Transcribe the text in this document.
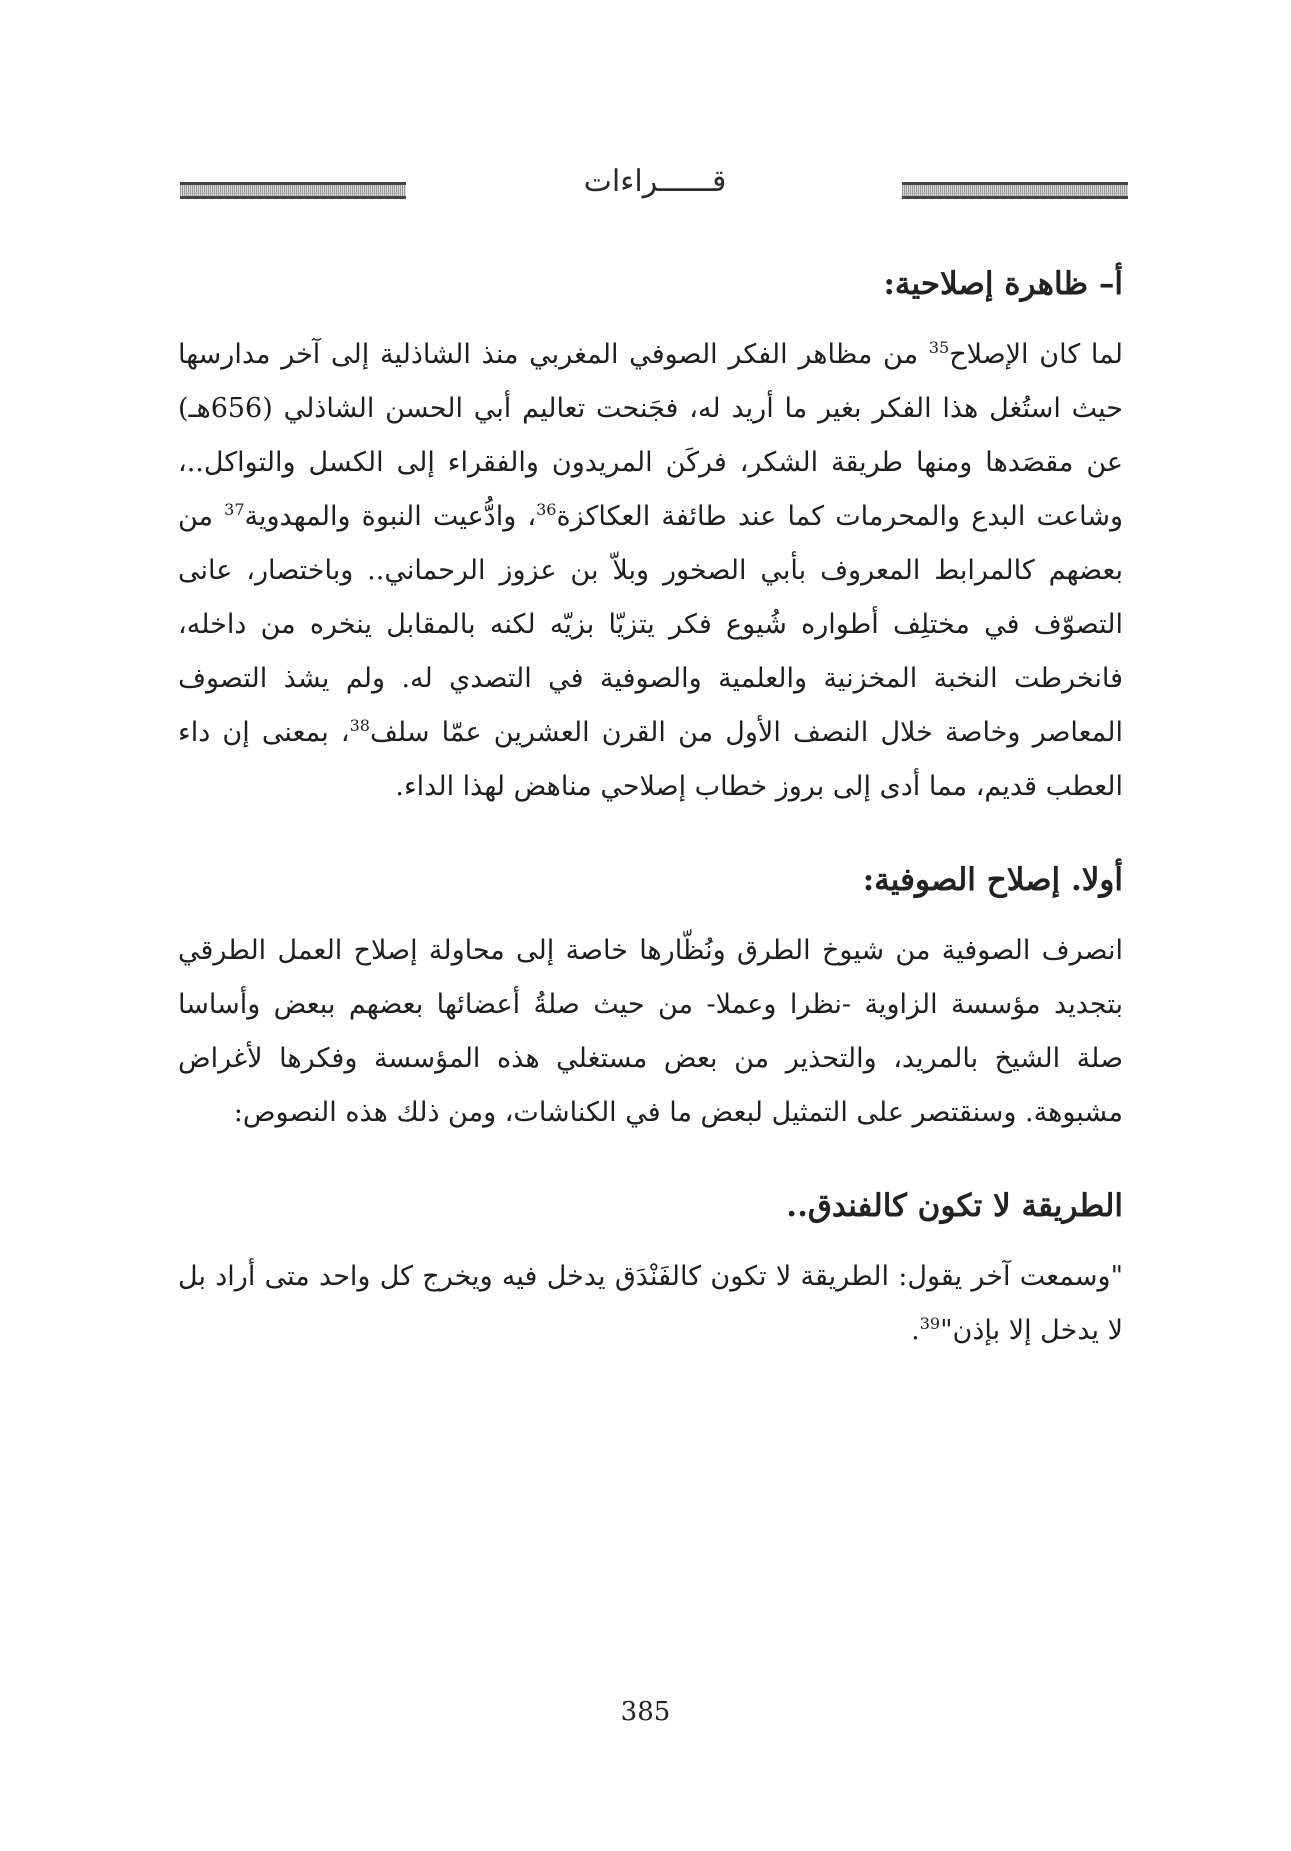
قــــــراءات
أ– ظاهرة إصلاحية:

لما كان الإصلاح$^{35}$ من مظاهر الفكر الصوفي المغربي منذ الشاذلية إلى آخر مدارسها حيث استُغل هذا الفكر بغير ما أريد له، فجَنحت تعاليم أبي الحسن الشاذلي (656هـ) عن مقصَدها ومنها طريقة الشكر، فركَن المريدون والفقراء إلى الكسل والتواكل..، وشاعت البدع والمحرمات كما عند طائفة العكاكزة$^{36}$، وادُّعيت النبوة والمهدوية$^{37}$ من بعضهم كالمرابط المعروف بأبي الصخور وبلاّ بن عزوز الرحماني.. وباختصار، عانى التصوّف في مختلِف أطواره شُيوع فكر يتزيّا بزيّه لكنه بالمقابل ينخره من داخله، فانخرطت النخبة المخزنية والعلمية والصوفية في التصدي له. ولم يشذ التصوف المعاصر وخاصة خلال النصف الأول من القرن العشرين عمّا سلف$^{38}$، بمعنى إن داء العطب قديم، مما أدى إلى بروز خطاب إصلاحي مناهض لهذا الداء.

أولا. إصلاح الصوفية:

انصرف الصوفية من شيوخ الطرق ونُظّارها خاصة إلى محاولة إصلاح العمل الطرقي بتجديد مؤسسة الزاوية -نظرا وعملا- من حيث صلةُ أعضائها بعضهم ببعض وأساسا صلة الشيخ بالمريد، والتحذير من بعض مستغلي هذه المؤسسة وفكرها لأغراض مشبوهة. وسنقتصر على التمثيل لبعض ما في الكناشات، ومن ذلك هذه النصوص:

الطريقة لا تكون كالفندق..

"وسمعت آخر يقول: الطريقة لا تكون كالفَنْدَق يدخل فيه ويخرج كل واحد متى أراد بل لا يدخل إلا بإذن"$^{39}$.

385
